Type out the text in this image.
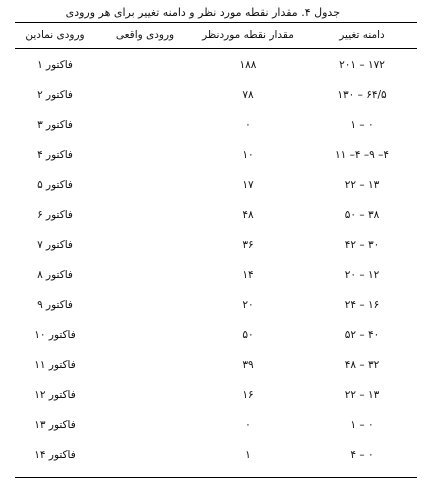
جدول ۴. مقدار نقطه مورد نظر و دامنه تغییر برای هر ورودی
دامنه تغییر
مقدار نقطه موردنظر
ورودی واقعی
ورودی نمادین
۱۷۲ – ۲۰۱
۱۸۸
فاکتور ۱
۶۴/۵ – ۱۳۰
۷۸
فاکتور ۲
۰ – ۱
۰
فاکتور ۳
۴– ۹– ۴– ۱۱
۱۰
فاکتور ۴
۱۳ – ۲۲
۱۷
فاکتور ۵
۳۸ – ۵۰
۴۸
فاکتور ۶
۳۰ – ۴۲
۳۶
فاکتور ۷
۱۲ – ۲۰
۱۴
فاکتور ۸
۱۶ – ۲۴
۲۰
فاکتور ۹
۴۰ – ۵۲
۵۰
فاکتور ۱۰
۳۲ – ۴۸
۳۹
فاکتور ۱۱
۱۳ – ۲۲
۱۶
فاکتور ۱۲
۰ – ۱
۰
فاکتور ۱۳
۰ – ۴
۱
فاکتور ۱۴
